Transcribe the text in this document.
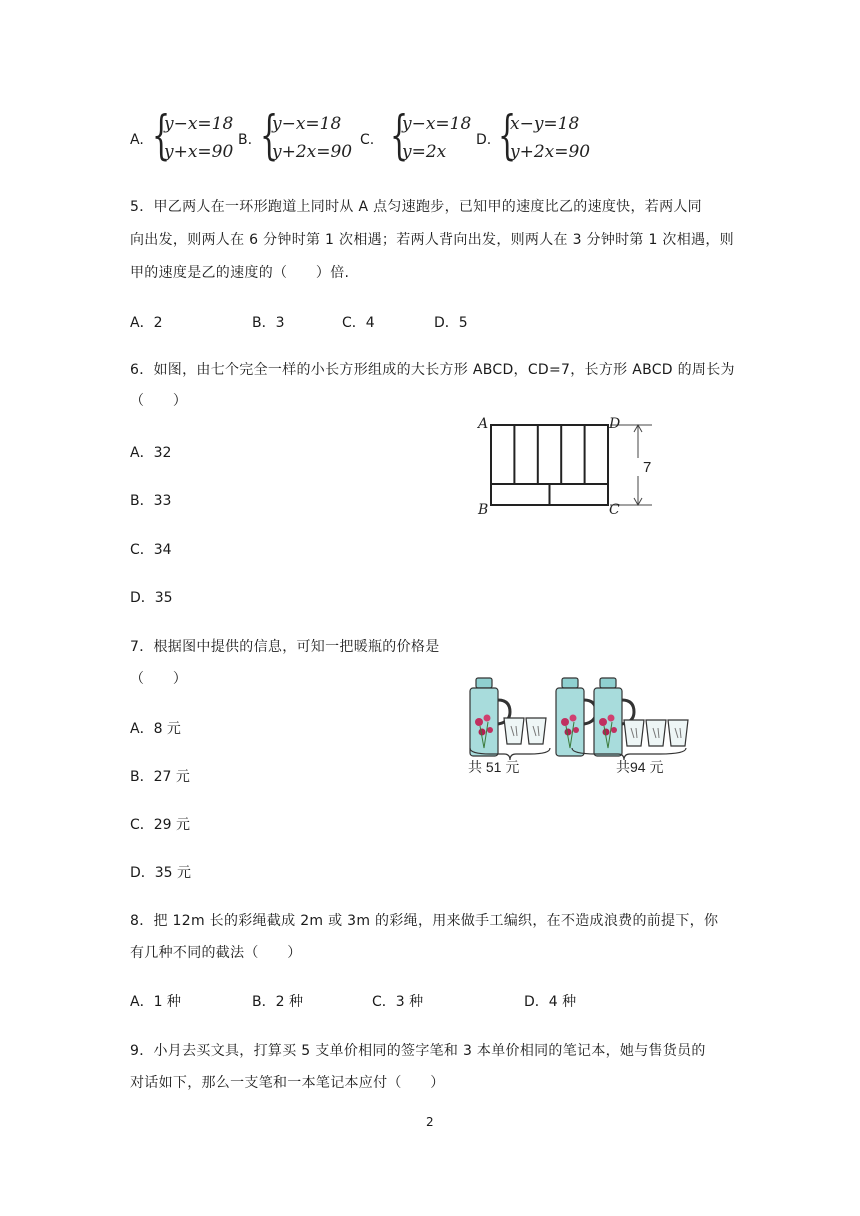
A. {
y−x=18
y+x=90
B. {
y−x=18
y+2x=90
C. {
y−x=18
y=2x
D. {
x−y=18
y+2x=90
5．甲乙两人在一环形跑道上同时从 A 点匀速跑步，已知甲的速度比乙的速度快，若两人同
向出发，则两人在 6 分钟时第 1 次相遇；若两人背向出发，则两人在 3 分钟时第 1 次相遇，则
甲的速度是乙的速度的（　　）倍.
A．2	B．3	C．4	D．5
6．如图，由七个完全一样的小长方形组成的大长方形 ABCD，CD=7，长方形 ABCD 的周长为
（　　）
A．32
B．33
C．34
D．35
A	D
B	C
7
7．根据图中提供的信息，可知一把暖瓶的价格是
（　　）
A．8 元
B．27 元
C．29 元
D．35 元
共 51 元	共94 元
8．把 12m 长的彩绳截成 2m 或 3m 的彩绳，用来做手工编织，在不造成浪费的前提下，你
有几种不同的截法（　　）
A．1 种	B．2 种	C．3 种	D．4 种
9．小月去买文具，打算买 5 支单价相同的签字笔和 3 本单价相同的笔记本，她与售货员的
对话如下，那么一支笔和一本笔记本应付（　　）
2
